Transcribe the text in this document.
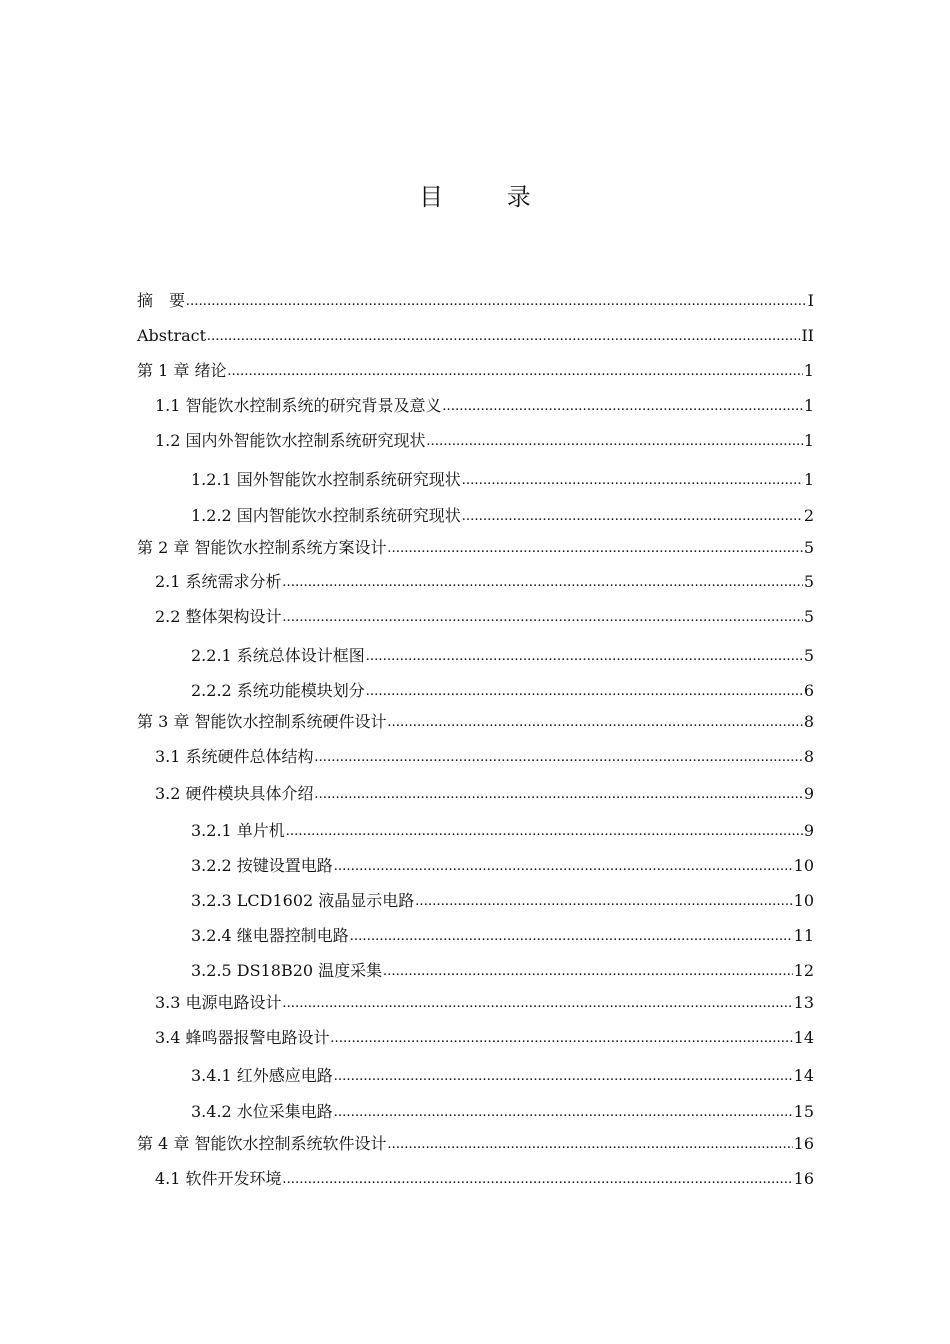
目 录
摘　要 .....	I
Abstract .....	II
第 1 章 绪论 .....	1
1.1 智能饮水控制系统的研究背景及意义 .....	1
1.2 国内外智能饮水控制系统研究现状 .....	1
1.2.1 国外智能饮水控制系统研究现状 .....	1
1.2.2 国内智能饮水控制系统研究现状 .....	2
第 2 章 智能饮水控制系统方案设计 .....	5
2.1 系统需求分析 .....	5
2.2 整体架构设计 .....	5
2.2.1 系统总体设计框图 .....	5
2.2.2 系统功能模块划分 .....	6
第 3 章 智能饮水控制系统硬件设计 .....	8
3.1 系统硬件总体结构 .....	8
3.2 硬件模块具体介绍 .....	9
3.2.1 单片机 .....	9
3.2.2 按键设置电路 .....	10
3.2.3 LCD1602 液晶显示电路 .....	10
3.2.4 继电器控制电路 .....	11
3.2.5 DS18B20 温度采集 .....	12
3.3 电源电路设计 .....	13
3.4 蜂鸣器报警电路设计 .....	14
3.4.1 红外感应电路 .....	14
3.4.2 水位采集电路 .....	15
第 4 章 智能饮水控制系统软件设计 .....	16
4.1 软件开发环境 .....	16
